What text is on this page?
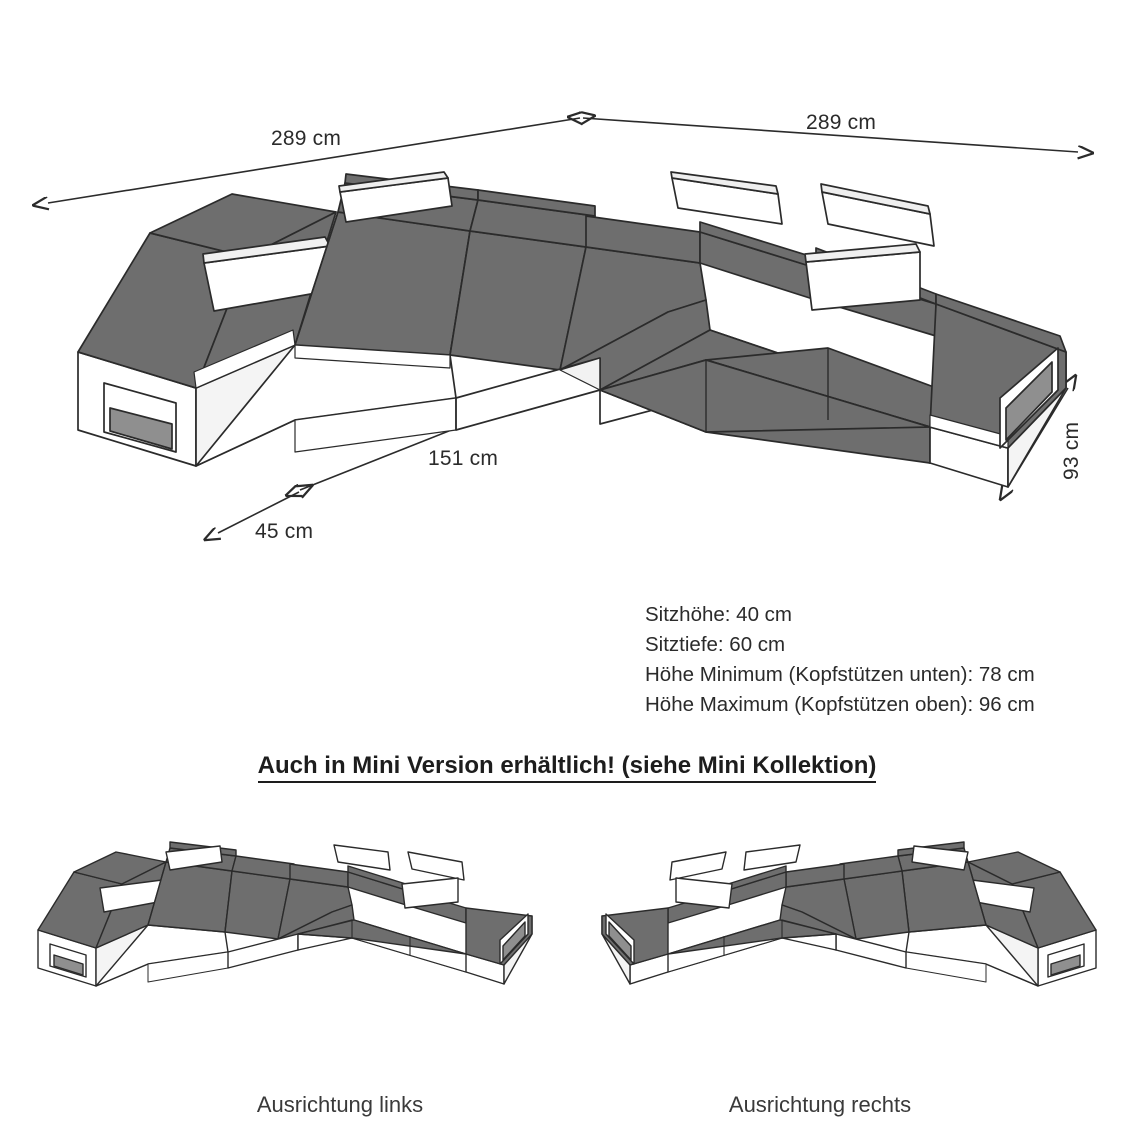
289 cm
289 cm
151 cm
45 cm
93 cm
Sitzhöhe: 40 cm
Sitztiefe: 60 cm
Höhe Minimum (Kopfstützen unten): 78 cm
Höhe Maximum (Kopfstützen oben): 96 cm
Auch in Mini Version erhältlich! (siehe Mini Kollektion)
Ausrichtung links	Ausrichtung rechts
